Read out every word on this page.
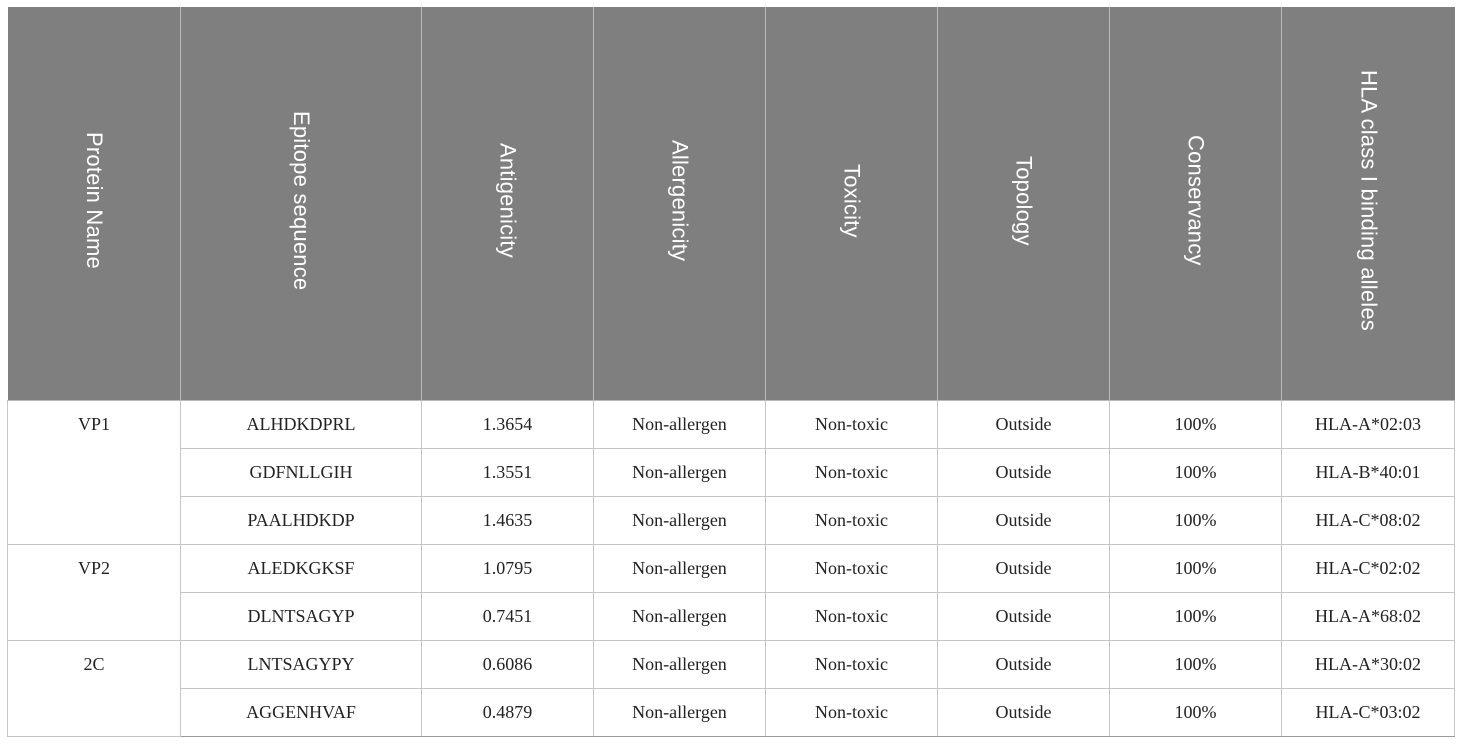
Protein Name	Epitope sequence	Antigenicity	Allergenicity	Toxicity	Topology	Conservancy	HLA class I binding alleles
VP1	ALHDKDPRL	1.3654	Non-allergen	Non-toxic	Outside	100%	HLA-A*02:03
	GDFNLLGIH	1.3551	Non-allergen	Non-toxic	Outside	100%	HLA-B*40:01
	PAALHDKDP	1.4635	Non-allergen	Non-toxic	Outside	100%	HLA-C*08:02
VP2	ALEDKGKSF	1.0795	Non-allergen	Non-toxic	Outside	100%	HLA-C*02:02
	DLNTSAGYP	0.7451	Non-allergen	Non-toxic	Outside	100%	HLA-A*68:02
2C	LNTSAGYPY	0.6086	Non-allergen	Non-toxic	Outside	100%	HLA-A*30:02
	AGGENHVAF	0.4879	Non-allergen	Non-toxic	Outside	100%	HLA-C*03:02
